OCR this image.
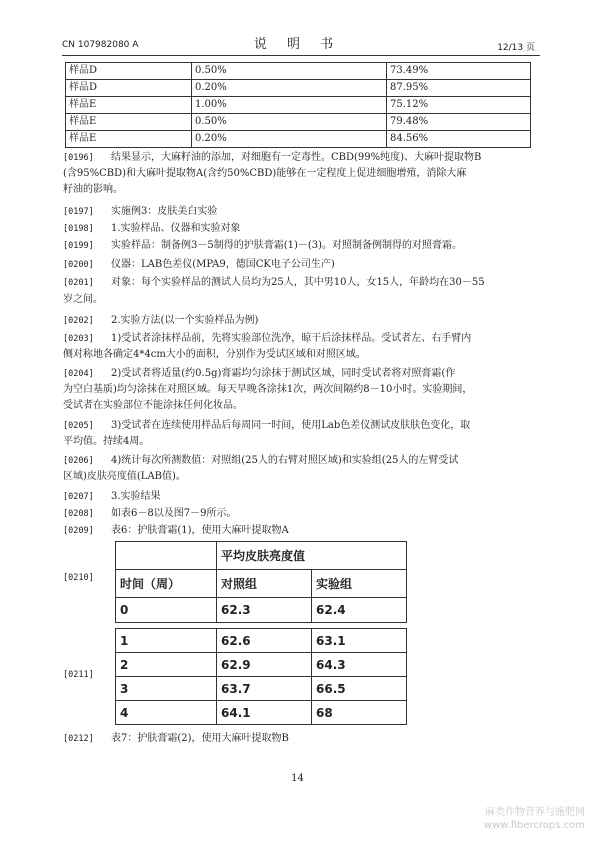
CN 107982080 A	说 明 书	12/13 页
样品D	0.50%	73.49%
样品D	0.20%	87.95%
样品E	1.00%	75.12%
样品E	0.50%	79.48%
样品E	0.20%	84.56%
[0196]	结果显示，大麻籽油的添加，对细胞有一定毒性。CBD(99%纯度)、大麻叶提取物B
(含95%CBD)和大麻叶提取物A(含约50%CBD)能够在一定程度上促进细胞增殖，消除大麻
籽油的影响。
[0197]	实施例3：皮肤美白实验
[0198]	1.实验样品、仪器和实验对象
[0199]	实验样品：制备例3－5制得的护肤膏霜(1)－(3)。对照制备例制得的对照膏霜。
[0200]	仪器：LAB色差仪(MPA9，德国CK电子公司生产)
[0201]	对象：每个实验样品的测试人员均为25人，其中男10人，女15人，年龄均在30－55
岁之间。
[0202]	2.实验方法(以一个实验样品为例)
[0203]	1)受试者涂抹样品前，先将实验部位洗净，晾干后涂抹样品。受试者左、右手臂内
侧对称地各确定4*4cm大小的面积，分别作为受试区域和对照区域。
[0204]	2)受试者将适量(约0.5g)膏霜均匀涂抹于测试区域，同时受试者将对照膏霜(作
为空白基质)均匀涂抹在对照区域。每天早晚各涂抹1次，两次间隔约8－10小时。实验期间，
受试者在实验部位不能涂抹任何化妆品。
[0205]	3)受试者在连续使用样品后每周同一时间，使用Lab色差仪测试皮肤肤色变化，取
平均值。持续4周。
[0206]	4)统计每次所测数值：对照组(25人的右臂对照区域)和实验组(25人的左臂受试
区域)皮肤亮度值(LAB值)。
[0207]	3.实验结果
[0208]	如表6－8以及图7－9所示。
[0209]	表6：护肤膏霜(1)，使用大麻叶提取物A
[0210]
	平均皮肤亮度值	
时间（周）	对照组	实验组
0	62.3	62.4
[0211]
1	62.6	63.1
2	62.9	64.3
3	63.7	66.5
4	64.1	68
[0212]	表7：护肤膏霜(2)，使用大麻叶提取物B
14
麻类作物营养与施肥网
www.fibercrops.com
